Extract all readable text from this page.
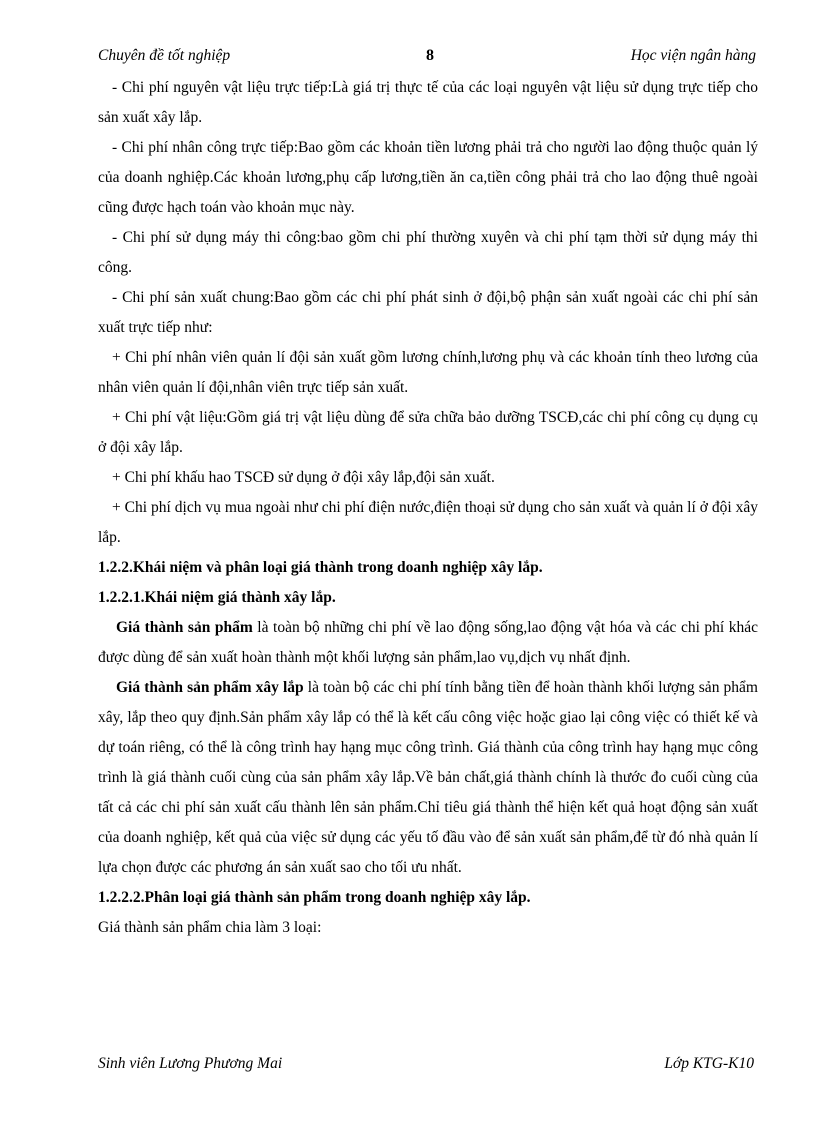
Chuyên đề tốt nghiệp	8	Học viện ngân hàng

- Chi phí nguyên vật liệu trực tiếp:Là giá trị thực tế của các loại nguyên vật liệu sử dụng trực tiếp cho sản xuất xây lắp.

- Chi phí nhân công trực tiếp:Bao gồm các khoản tiền lương phải trả cho người lao động thuộc quản lý của doanh nghiệp.Các khoản lương,phụ cấp lương,tiền ăn ca,tiền công phải trả cho lao động thuê ngoài cũng được hạch toán vào khoản mục này.

- Chi phí sử dụng máy thi công:bao gồm chi phí thường xuyên và chi phí tạm thời sử dụng máy thi công.

- Chi phí sản xuất chung:Bao gồm các chi phí phát sinh ở đội,bộ phận sản xuất ngoài các chi phí sản xuất trực tiếp như:

+ Chi phí nhân viên quản lí đội sản xuất gồm lương chính,lương phụ và các khoản tính theo lương của nhân viên quản lí đội,nhân viên trực tiếp sản xuất.

+ Chi phí vật liệu:Gồm giá trị vật liệu dùng để sửa chữa bảo dưỡng TSCĐ,các chi phí công cụ dụng cụ ở đội xây lắp.

+ Chi phí khấu hao TSCĐ sử dụng ở đội xây lắp,đội sản xuất.

+ Chi phí dịch vụ mua ngoài như chi phí điện nước,điện thoại sử dụng cho sản xuất và quản lí ở đội xây lắp.

1.2.2.Khái niệm và phân loại giá thành trong doanh nghiệp xây lắp.

1.2.2.1.Khái niệm giá thành xây lắp.

Giá thành sản phẩm là toàn bộ những chi phí về lao động sống,lao động vật hóa và các chi phí khác được dùng để sản xuất hoàn thành một khối lượng sản phẩm,lao vụ,dịch vụ nhất định.

Giá thành sản phẩm xây lắp là toàn bộ các chi phí tính bằng tiền để hoàn thành khối lượng sản phẩm xây, lắp theo quy định.Sản phẩm xây lắp có thể là kết cấu công việc hoặc giao lại công việc có thiết kế và dự toán riêng, có thể là công trình hay hạng mục công trình. Giá thành của công trình hay hạng mục công trình là giá thành cuối cùng của sản phẩm xây lắp.Về bản chất,giá thành chính là thước đo cuối cùng của tất cả các chi phí sản xuất cấu thành lên sản phẩm.Chỉ tiêu giá thành thể hiện kết quả hoạt động sản xuất của doanh nghiệp, kết quả của việc sử dụng các yếu tố đầu vào để sản xuất sản phẩm,để từ đó nhà quản lí lựa chọn được các phương án sản xuất sao cho tối ưu nhất.

1.2.2.2.Phân loại giá thành sản phẩm trong doanh nghiệp xây lắp.

Giá thành sản phẩm chia làm 3 loại:

Sinh viên Lương Phương Mai	Lớp KTG-K10
